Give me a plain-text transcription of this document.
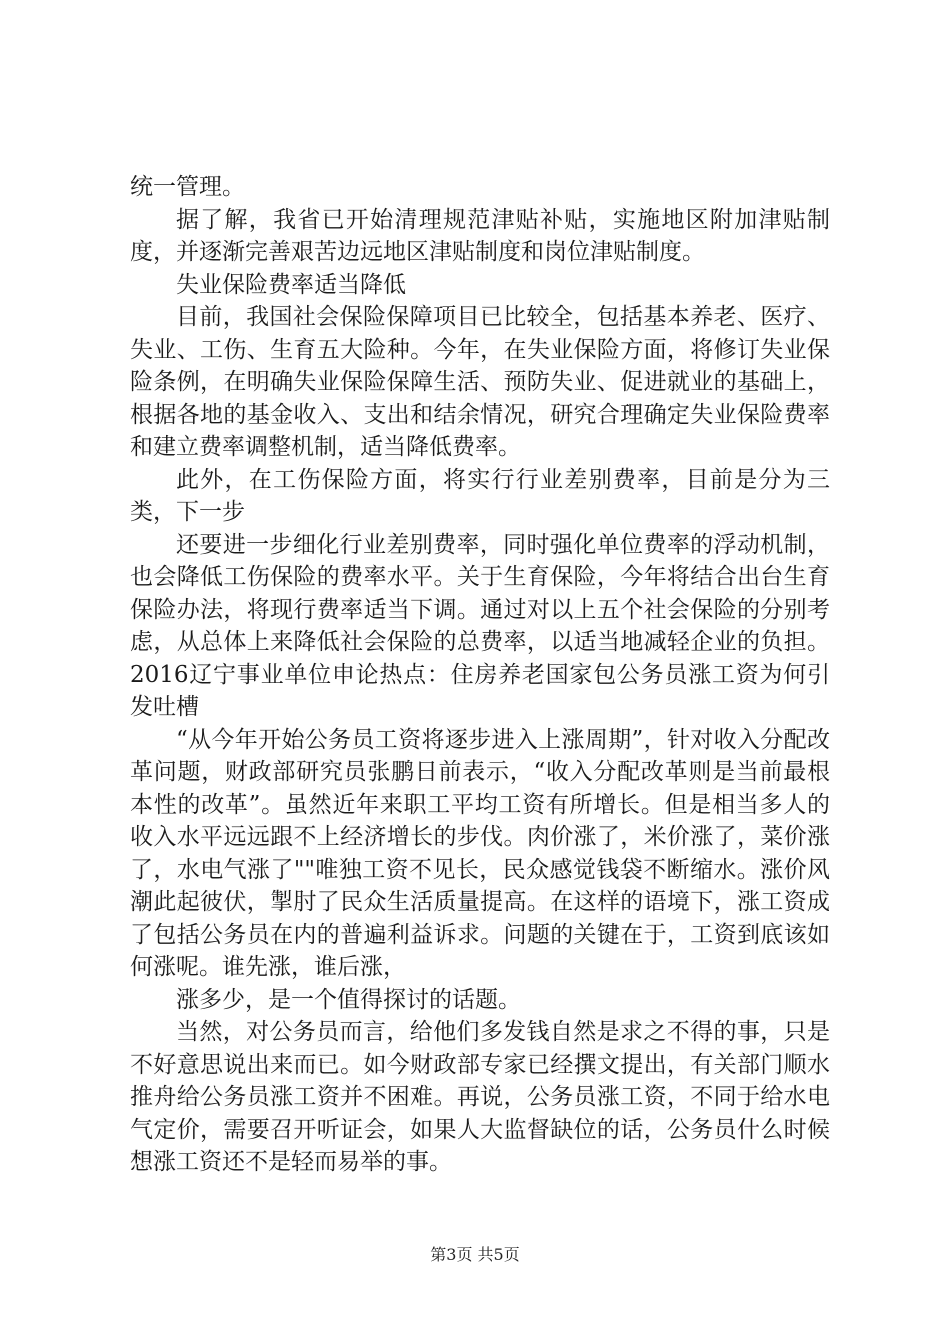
统一管理。

据了解，我省已开始清理规范津贴补贴，实施地区附加津贴制度，并逐渐完善艰苦边远地区津贴制度和岗位津贴制度。

失业保险费率适当降低

目前，我国社会保险保障项目已比较全，包括基本养老、医疗、失业、工伤、生育五大险种。今年，在失业保险方面，将修订失业保险条例，在明确失业保险保障生活、预防失业、促进就业的基础上，根据各地的基金收入、支出和结余情况，研究合理确定失业保险费率和建立费率调整机制，适当降低费率。

此外，在工伤保险方面，将实行行业差别费率，目前是分为三类，下一步

还要进一步细化行业差别费率，同时强化单位费率的浮动机制，也会降低工伤保险的费率水平。关于生育保险，今年将结合出台生育保险办法，将现行费率适当下调。通过对以上五个社会保险的分别考虑，从总体上来降低社会保险的总费率，以适当地减轻企业的负担。2016辽宁事业单位申论热点：住房养老国家包公务员涨工资为何引发吐槽

“从今年开始公务员工资将逐步进入上涨周期”，针对收入分配改革问题，财政部研究员张鹏日前表示，“收入分配改革则是当前最根本性的改革”。虽然近年来职工平均工资有所增长。但是相当多人的收入水平远远跟不上经济增长的步伐。肉价涨了，米价涨了，菜价涨了，水电气涨了""唯独工资不见长，民众感觉钱袋不断缩水。涨价风潮此起彼伏，掣肘了民众生活质量提高。在这样的语境下，涨工资成了包括公务员在内的普遍利益诉求。问题的关键在于，工资到底该如何涨呢。谁先涨，谁后涨，

涨多少，是一个值得探讨的话题。

当然，对公务员而言，给他们多发钱自然是求之不得的事，只是不好意思说出来而已。如今财政部专家已经撰文提出，有关部门顺水推舟给公务员涨工资并不困难。再说，公务员涨工资，不同于给水电气定价，需要召开听证会，如果人大监督缺位的话，公务员什么时候想涨工资还不是轻而易举的事。

第3页 共5页
